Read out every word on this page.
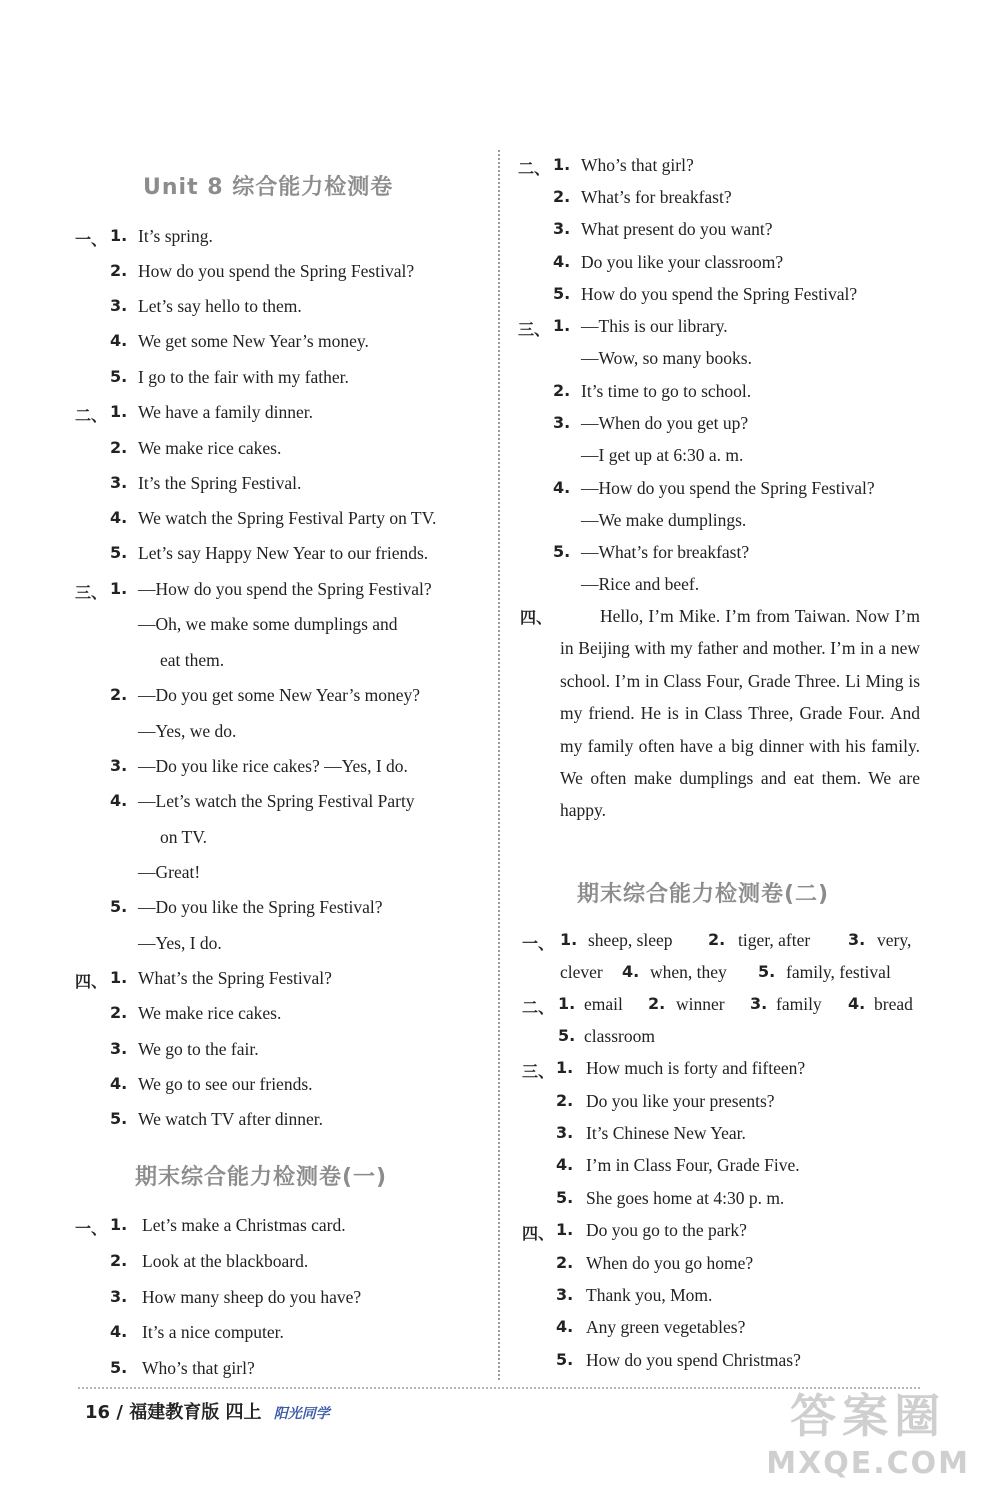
Unit 8 综合能力检测卷
一、 1. It’s spring.
2. How do you spend the Spring Festival?
3. Let’s say hello to them.
4. We get some New Year’s money.
5. I go to the fair with my father.
二、 1. We have a family dinner.
2. We make rice cakes.
3. It’s the Spring Festival.
4. We watch the Spring Festival Party on TV.
5. Let’s say Happy New Year to our friends.
三、 1. —How do you spend the Spring Festival?
—Oh, we make some dumplings and
eat them.
2. —Do you get some New Year’s money?
—Yes, we do.
3. —Do you like rice cakes? —Yes, I do.
4. —Let’s watch the Spring Festival Party
on TV.
—Great!
5. —Do you like the Spring Festival?
—Yes, I do.
四、 1. What’s the Spring Festival?
2. We make rice cakes.
3. We go to the fair.
4. We go to see our friends.
5. We watch TV after dinner.
期末综合能力检测卷(一)
一、 1. Let’s make a Christmas card.
2. Look at the blackboard.
3. How many sheep do you have?
4. It’s a nice computer.
5. Who’s that girl?
二、 1. Who’s that girl?
2. What’s for breakfast?
3. What present do you want?
4. Do you like your classroom?
5. How do you spend the Spring Festival?
三、 1. —This is our library.
—Wow, so many books.
2. It’s time to go to school.
3. —When do you get up?
—I get up at 6:30 a. m.
4. —How do you spend the Spring Festival?
—We make dumplings.
5. —What’s for breakfast?
—Rice and beef.
四、	Hello, I’m Mike. I’m from Taiwan. Now I’m in Beijing with my father and mother. I’m in a new school. I’m in Class Four, Grade Three. Li Ming is my friend. He is in Class Three, Grade Four. And my family often have a big dinner with his family. We often make dumplings and eat them. We are happy.

期末综合能力检测卷(二)
一、 1. sheep, sleep 2. tiger, after 3. very,
clever 4. when, they 5. family, festival
二、 1. email 2. winner 3. family 4. bread
5. classroom
三、 1. How much is forty and fifteen?
2. Do you like your presents?
3. It’s Chinese New Year.
4. I’m in Class Four, Grade Five.
5. She goes home at 4:30 p. m.
四、 1. Do you go to the park?
2. When do you go home?
3. Thank you, Mom.
4. Any green vegetables?
5. How do you spend Christmas?
16 / 福建教育版 四上 阳光同学	答案圈
MXQE.COM
